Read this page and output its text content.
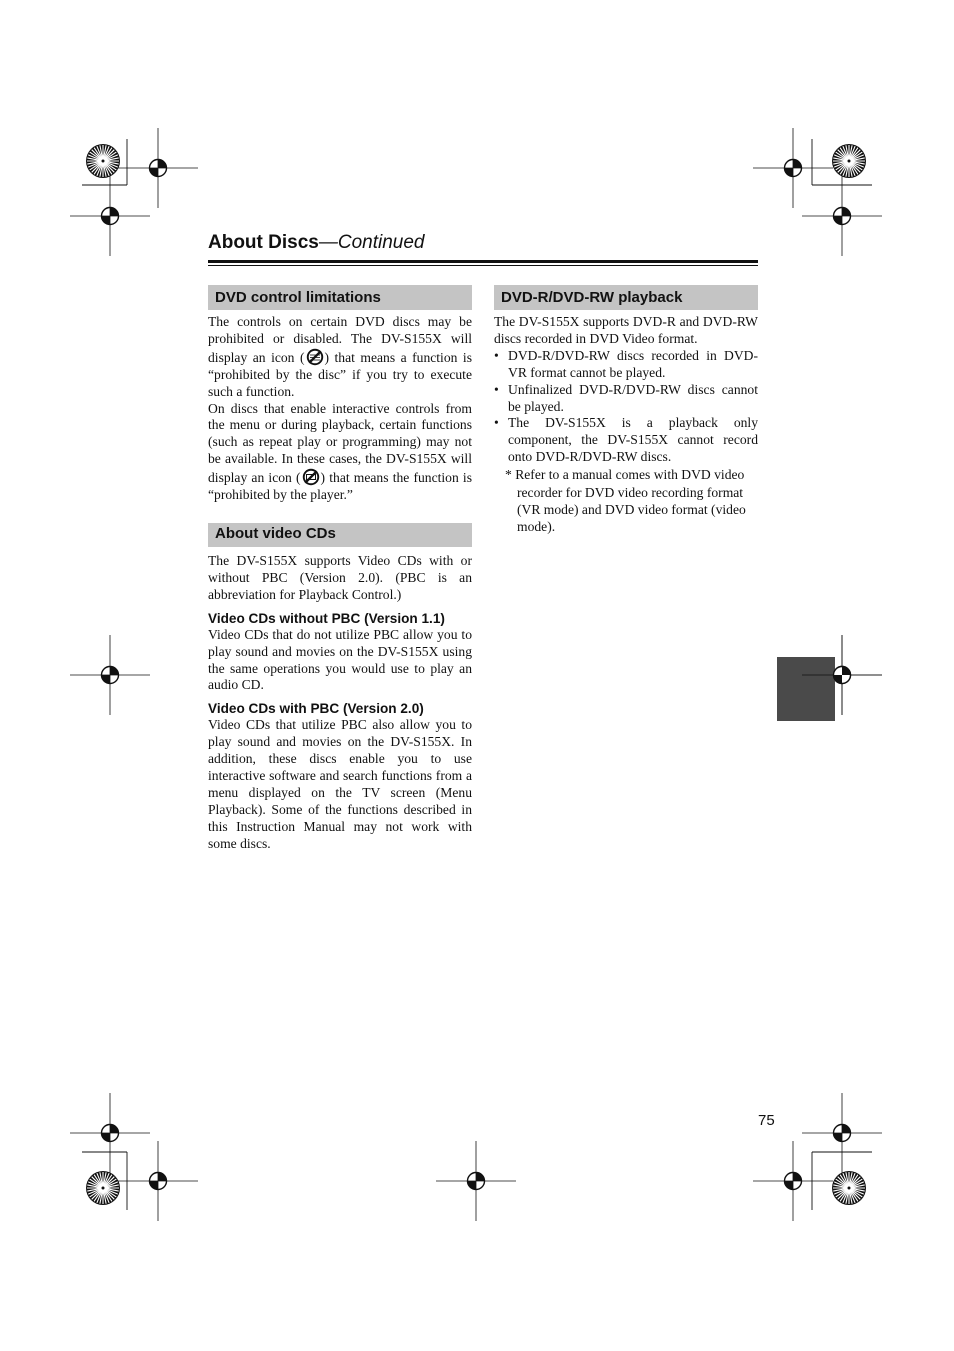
About Discs—Continued
DVD control limitations
The controls on certain DVD discs may be prohibited or disabled. The DV-S155X will display an icon ( ) that means a function is “prohibited by the disc” if you try to execute such a function.
On discs that enable interactive controls from the menu or during playback, certain functions (such as repeat play or programming) may not be available. In these cases, the DV-S155X will display an icon ( ) that means the function is “prohibited by the player.”
About video CDs
The DV-S155X supports Video CDs with or without PBC (Version 2.0). (PBC is an abbreviation for Playback Control.)
Video CDs without PBC (Version 1.1)
Video CDs that do not utilize PBC allow you to play sound and movies on the DV-S155X using the same operations you would use to play an audio CD.
Video CDs with PBC (Version 2.0)
Video CDs that utilize PBC also allow you to play sound and movies on the DV-S155X. In addition, these discs enable you to use interactive software and search functions from a menu displayed on the TV screen (Menu Playback). Some of the functions described in this Instruction Manual may not work with some discs.
DVD-R/DVD-RW playback
The DV-S155X supports DVD-R and DVD-RW discs recorded in DVD Video format.
• DVD-R/DVD-RW discs recorded in DVD-VR format cannot be played.
• Unfinalized DVD-R/DVD-RW discs cannot be played.
• The DV-S155X is a playback only component, the DV-S155X cannot record onto DVD-R/DVD-RW discs.
* Refer to a manual comes with DVD video recorder for DVD video recording format (VR mode) and DVD video format (video mode).
75
